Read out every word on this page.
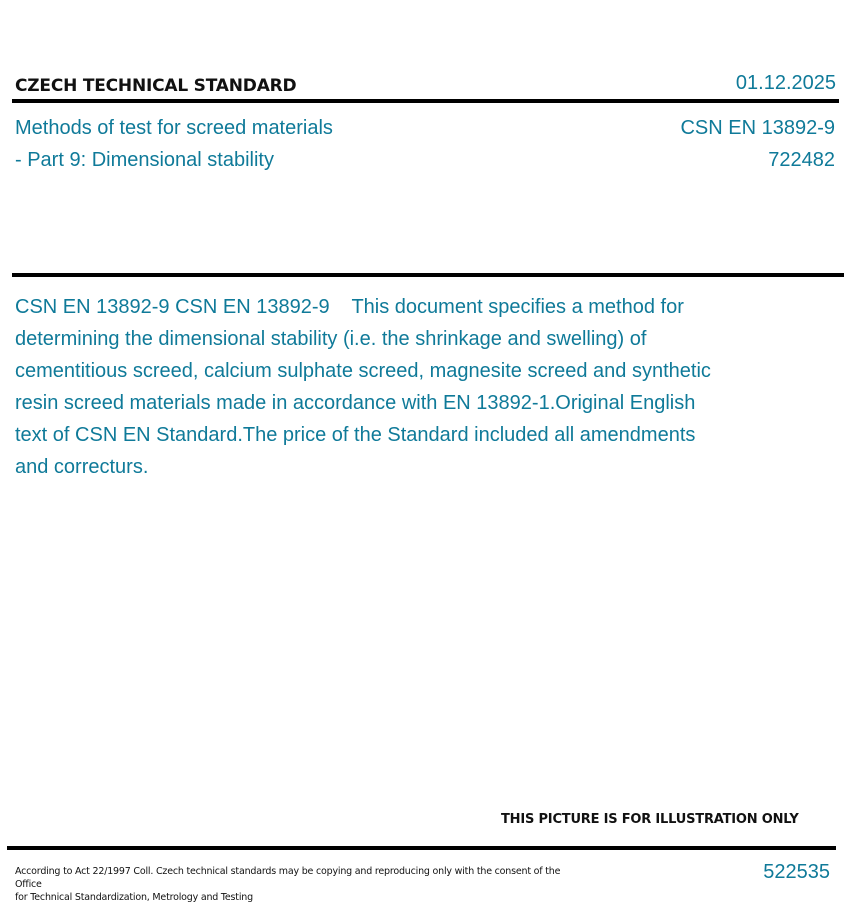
CZECH TECHNICAL STANDARD	01.12.2025
Methods of test for screed materials
- Part 9: Dimensional stability
CSN EN 13892-9
722482
CSN EN 13892-9 CSN EN 13892-9    This document specifies a method for determining the dimensional stability (i.e. the shrinkage and swelling) of cementitious screed, calcium sulphate screed, magnesite screed and synthetic resin screed materials made in accordance with EN 13892-1.Original English text of CSN EN Standard.The price of the Standard included all amendments and correcturs.
THIS PICTURE IS FOR ILLUSTRATION ONLY
According to Act 22/1997 Coll. Czech technical standards may be copying and reproducing only with the consent of the Office
for Technical Standardization, Metrology and Testing
522535
